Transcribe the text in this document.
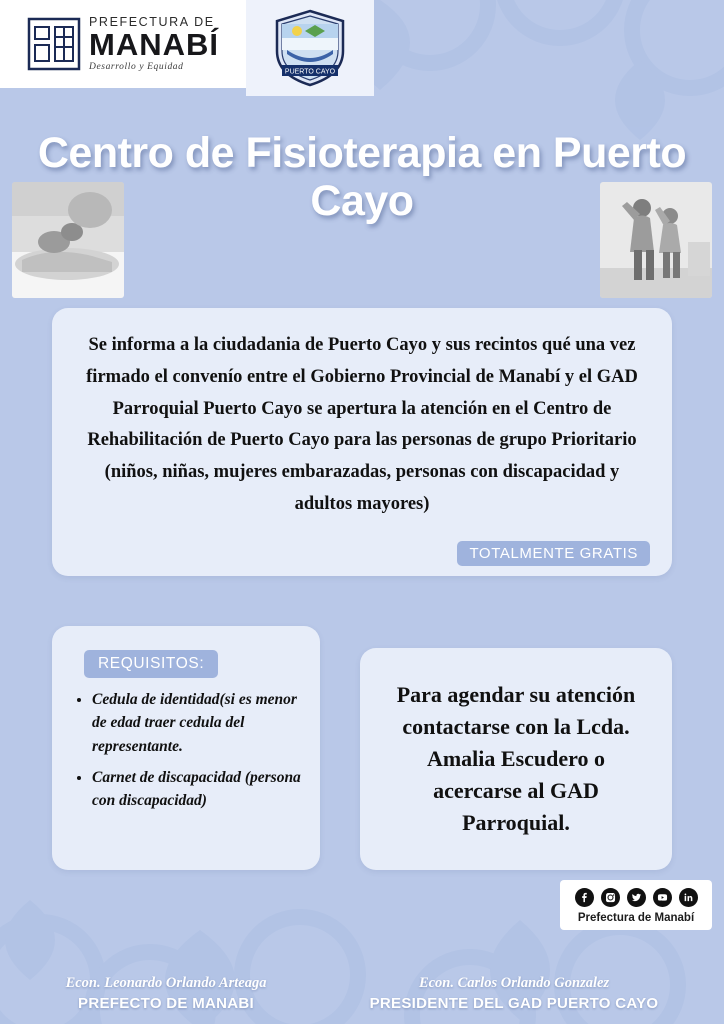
PREFECTURA DE
MANABÍ
Desarrollo y Equidad	PUERTO CAYO
Centro de Fisioterapia en Puerto Cayo

Se informa a la ciudadania de Puerto Cayo y sus recintos qué una vez firmado el convenío entre el Gobierno Provincial de Manabí y el GAD Parroquial Puerto Cayo se apertura la atención en el Centro de Rehabilitación de Puerto Cayo para las personas de grupo Prioritario (niños, niñas, mujeres embarazadas, personas con discapacidad y adultos mayores)

TOTALMENTE GRATIS
REQUISITOS:
• Cedula de identidad(si es menor de edad traer cedula del representante.
• Carnet de discapacidad (persona con discapacidad)

Para agendar su atención contactarse con la Lcda. Amalia Escudero o acercarse al GAD Parroquial.

Prefectura de Manabí
Econ. Leonardo Orlando Arteaga
PREFECTO DE MANABI
Econ. Carlos Orlando Gonzalez
PRESIDENTE DEL GAD PUERTO CAYO
